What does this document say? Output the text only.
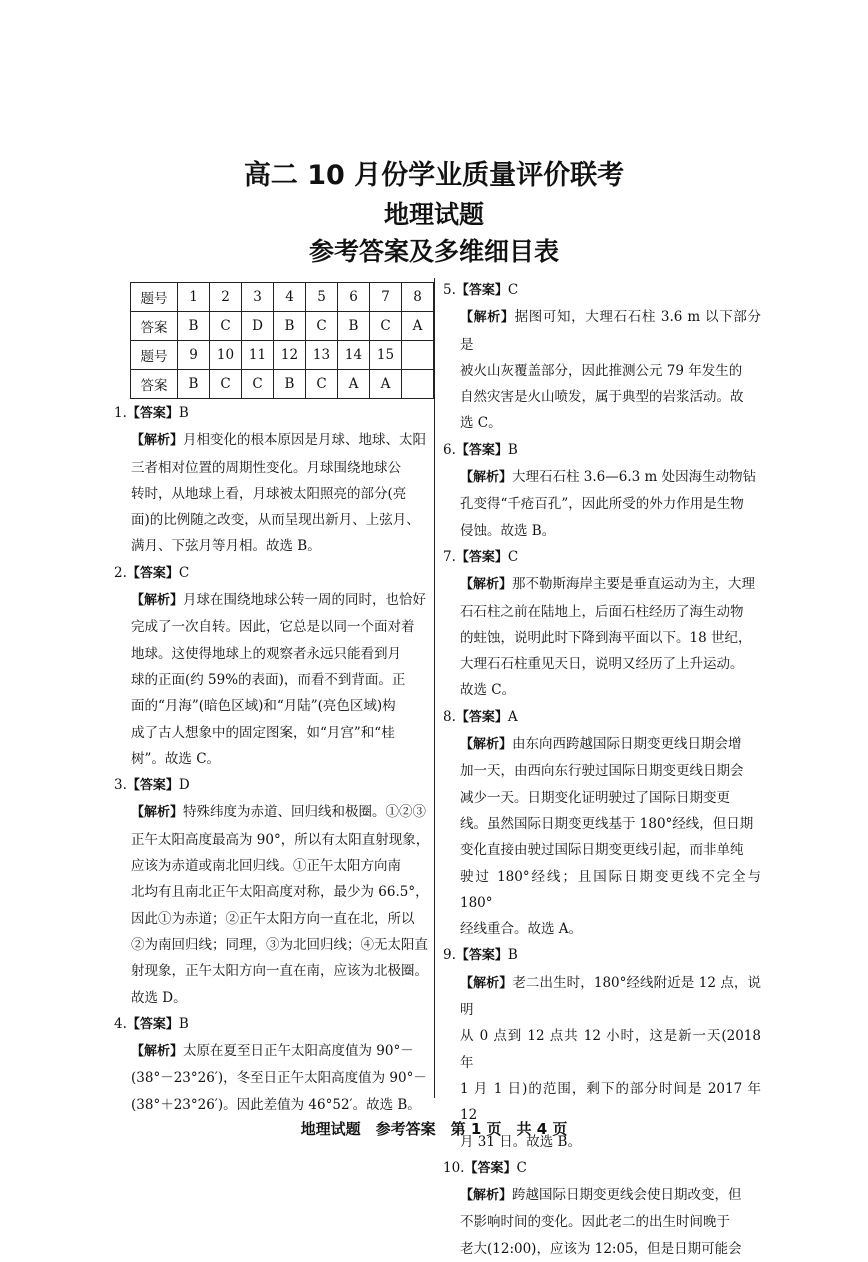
高二 10 月份学业质量评价联考
地理试题
参考答案及多维细目表
题号	1	2	3	4	5	6	7	8
答案	B	C	D	B	C	B	C	A
题号	9	10	11	12	13	14	15	
答案	B	C	C	B	C	A	A	

1.【答案】B

【解析】月相变化的根本原因是月球、地球、太阳

三者相对位置的周期性变化。月球围绕地球公

转时，从地球上看，月球被太阳照亮的部分(亮

面)的比例随之改变，从而呈现出新月、上弦月、

满月、下弦月等月相。故选 B。

2.【答案】C

【解析】月球在围绕地球公转一周的同时，也恰好

完成了一次自转。因此，它总是以同一个面对着

地球。这使得地球上的观察者永远只能看到月

球的正面(约 59%的表面)，而看不到背面。正

面的“月海”(暗色区域)和“月陆”(亮色区域)构

成了古人想象中的固定图案，如“月宫”和“桂

树”。故选 C。

3.【答案】D

【解析】特殊纬度为赤道、回归线和极圈。①②③

正午太阳高度最高为 90°，所以有太阳直射现象，

应该为赤道或南北回归线。①正午太阳方向南

北均有且南北正午太阳高度对称，最少为 66.5°，

因此①为赤道；②正午太阳方向一直在北，所以

②为南回归线；同理，③为北回归线；④无太阳直

射现象，正午太阳方向一直在南，应该为北极圈。

故选 D。

4.【答案】B

【解析】太原在夏至日正午太阳高度值为 90°－

(38°－23°26′)，冬至日正午太阳高度值为 90°－

(38°＋23°26′)。因此差值为 46°52′。故选 B。

5.【答案】C

【解析】据图可知，大理石石柱 3.6 m 以下部分是

被火山灰覆盖部分，因此推测公元 79 年发生的

自然灾害是火山喷发，属于典型的岩浆活动。故

选 C。

6.【答案】B

【解析】大理石石柱 3.6—6.3 m 处因海生动物钻

孔变得“千疮百孔”，因此所受的外力作用是生物

侵蚀。故选 B。

7.【答案】C

【解析】那不勒斯海岸主要是垂直运动为主，大理

石石柱之前在陆地上，后面石柱经历了海生动物

的蛀蚀，说明此时下降到海平面以下。18 世纪，

大理石石柱重见天日，说明又经历了上升运动。

故选 C。

8.【答案】A

【解析】由东向西跨越国际日期变更线日期会增

加一天，由西向东行驶过国际日期变更线日期会

减少一天。日期变化证明驶过了国际日期变更

线。虽然国际日期变更线基于 180°经线，但日期

变化直接由驶过国际日期变更线引起，而非单纯

驶过 180°经线；且国际日期变更线不完全与 180°

经线重合。故选 A。

9.【答案】B

【解析】老二出生时，180°经线附近是 12 点，说明

从 0 点到 12 点共 12 小时，这是新一天(2018 年

1 月 1 日)的范围，剩下的部分时间是 2017 年 12

月 31 日。故选 B。

10.【答案】C

【解析】跨越国际日期变更线会使日期改变，但

不影响时间的变化。因此老二的出生时间晚于

老大(12:00)，应该为 12:05，但是日期可能会

地理试题　参考答案　第 1 页　共 4 页
